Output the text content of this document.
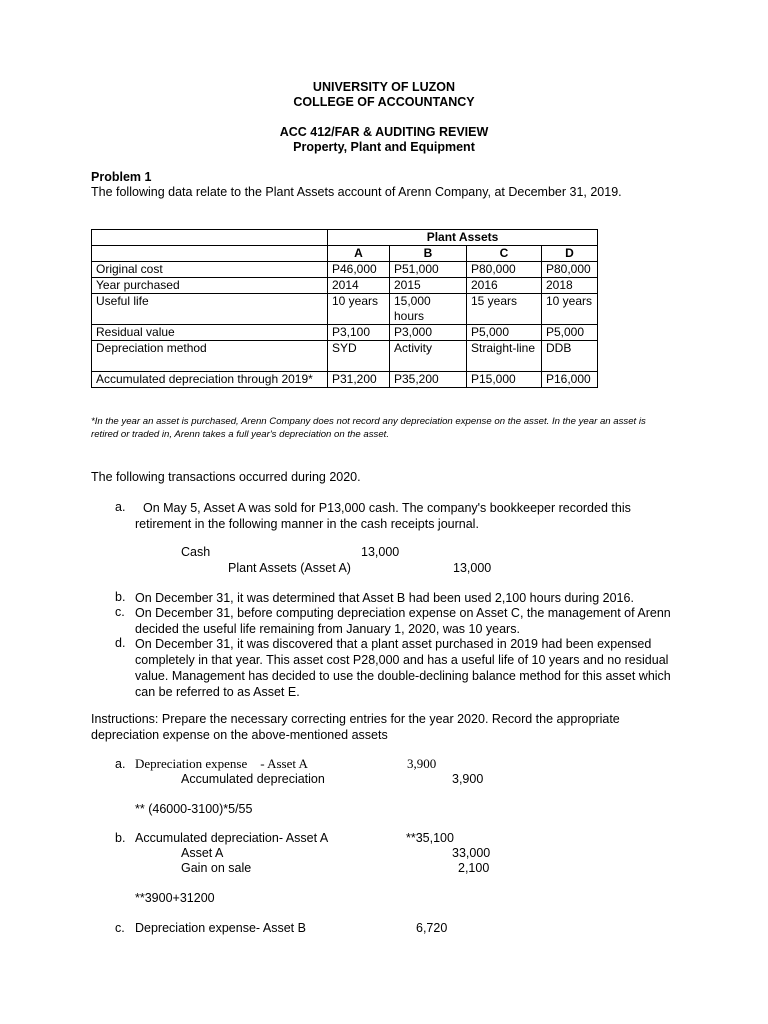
UNIVERSITY OF LUZON
COLLEGE OF ACCOUNTANCY
ACC 412/FAR & AUDITING REVIEW
Property, Plant and Equipment
Problem 1
The following data relate to the Plant Assets account of Arenn Company, at December 31, 2019.
	Plant Assets			
	A	B	C	D
Original cost	P46,000	P51,000	P80,000	P80,000
Year purchased	2014	2015	2016	2018
Useful life	10 years	15,000 hours	15 years	10 years
Residual value	P3,100	P3,000	P5,000	P5,000
Depreciation method	SYD	Activity	Straight-line	DDB
Accumulated depreciation through 2019*	P31,200	P35,200	P15,000	P16,000
*In the year an asset is purchased, Arenn Company does not record any depreciation expense on the asset. In the year an asset is retired or traded in, Arenn takes a full year's depreciation on the asset.
The following transactions occurred during 2020.
a.	On May 5, Asset A was sold for P13,000 cash. The company's bookkeeper recorded this retirement in the following manner in the cash receipts journal.
Cash	13,000
Plant Assets (Asset A)	13,000
b. On December 31, it was determined that Asset B had been used 2,100 hours during 2016.
c. On December 31, before computing depreciation expense on Asset C, the management of Arenn decided the useful life remaining from January 1, 2020, was 10 years.
d. On December 31, it was discovered that a plant asset purchased in 2019 had been expensed completely in that year. This asset cost P28,000 and has a useful life of 10 years and no residual value. Management has decided to use the double-declining balance method for this asset which can be referred to as Asset E.
Instructions: Prepare the necessary correcting entries for the year 2020. Record the appropriate depreciation expense on the above-mentioned assets
a. Depreciation expense    - Asset A	3,900
Accumulated depreciation	3,900
** (46000-3100)*5/55
b. Accumulated depreciation- Asset A	**35,100
Asset A	33,000
Gain on sale	2,100
**3900+31200
c. Depreciation expense- Asset B	6,720
